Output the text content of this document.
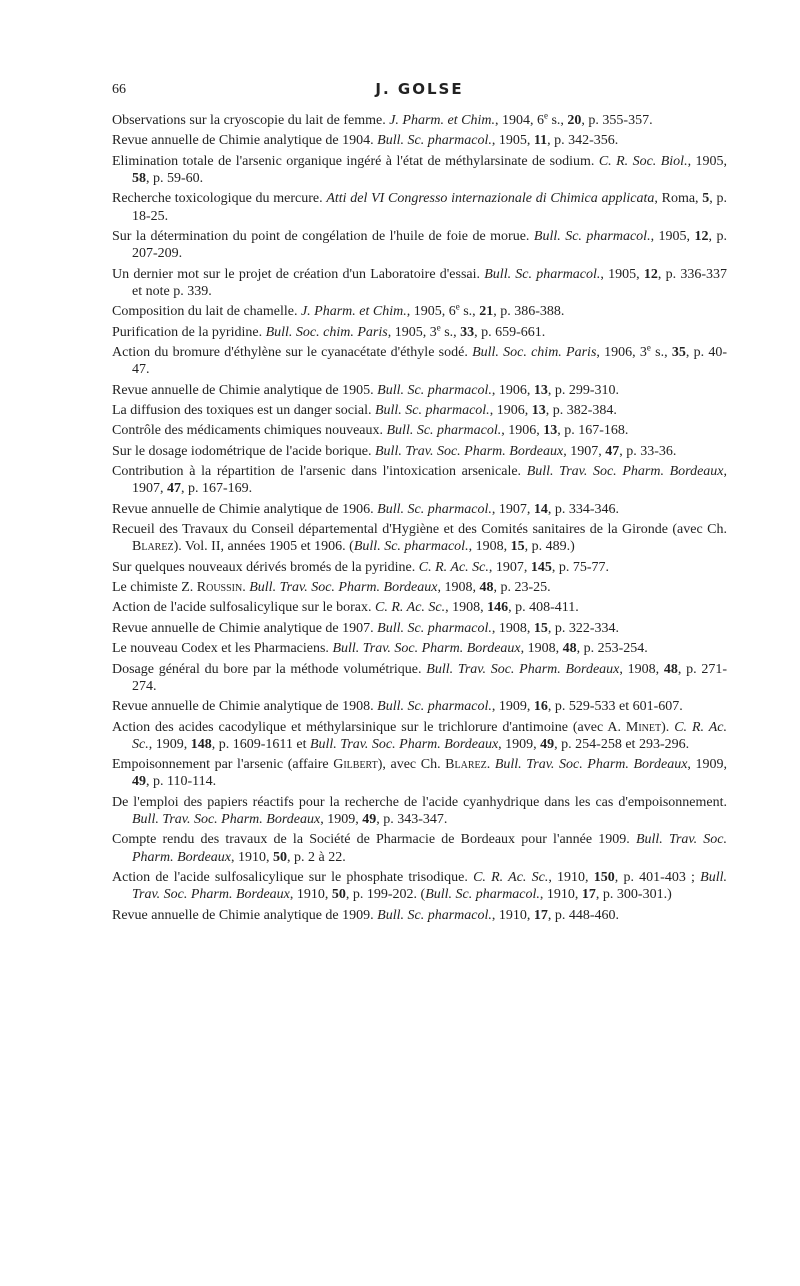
66	J. GOLSE
Observations sur la cryoscopie du lait de femme. J. Pharm. et Chim., 1904, 6e s., 20, p. 355-357.
Revue annuelle de Chimie analytique de 1904. Bull. Sc. pharmacol., 1905, 11, p. 342-356.
Elimination totale de l'arsenic organique ingéré à l'état de méthylarsinate de sodium. C. R. Soc. Biol., 1905, 58, p. 59-60.
Recherche toxicologique du mercure. Atti del VI Congresso internazionale di Chimica applicata, Roma, 5, p. 18-25.
Sur la détermination du point de congélation de l'huile de foie de morue. Bull. Sc. pharmacol., 1905, 12, p. 207-209.
Un dernier mot sur le projet de création d'un Laboratoire d'essai. Bull. Sc. pharmacol., 1905, 12, p. 336-337 et note p. 339.
Composition du lait de chamelle. J. Pharm. et Chim., 1905, 6e s., 21, p. 386-388.
Purification de la pyridine. Bull. Soc. chim. Paris, 1905, 3e s., 33, p. 659-661.
Action du bromure d'éthylène sur le cyanacétate d'éthyle sodé. Bull. Soc. chim. Paris, 1906, 3e s., 35, p. 40-47.
Revue annuelle de Chimie analytique de 1905. Bull. Sc. pharmacol., 1906, 13, p. 299-310.
La diffusion des toxiques est un danger social. Bull. Sc. pharmacol., 1906, 13, p. 382-384.
Contrôle des médicaments chimiques nouveaux. Bull. Sc. pharmacol., 1906, 13, p. 167-168.
Sur le dosage iodométrique de l'acide borique. Bull. Trav. Soc. Pharm. Bordeaux, 1907, 47, p. 33-36.
Contribution à la répartition de l'arsenic dans l'intoxication arsenicale. Bull. Trav. Soc. Pharm. Bordeaux, 1907, 47, p. 167-169.
Revue annuelle de Chimie analytique de 1906. Bull. Sc. pharmacol., 1907, 14, p. 334-346.
Recueil des Travaux du Conseil départemental d'Hygiène et des Comités sanitaires de la Gironde (avec Ch. Blarez). Vol. II, années 1905 et 1906. (Bull. Sc. pharmacol., 1908, 15, p. 489.)
Sur quelques nouveaux dérivés bromés de la pyridine. C. R. Ac. Sc., 1907, 145, p. 75-77.
Le chimiste Z. Roussin. Bull. Trav. Soc. Pharm. Bordeaux, 1908, 48, p. 23-25.
Action de l'acide sulfosalicylique sur le borax. C. R. Ac. Sc., 1908, 146, p. 408-411.
Revue annuelle de Chimie analytique de 1907. Bull. Sc. pharmacol., 1908, 15, p. 322-334.
Le nouveau Codex et les Pharmaciens. Bull. Trav. Soc. Pharm. Bordeaux, 1908, 48, p. 253-254.
Dosage général du bore par la méthode volumétrique. Bull. Trav. Soc. Pharm. Bordeaux, 1908, 48, p. 271-274.
Revue annuelle de Chimie analytique de 1908. Bull. Sc. pharmacol., 1909, 16, p. 529-533 et 601-607.
Action des acides cacodylique et méthylarsinique sur le trichlorure d'antimoine (avec A. Minet). C. R. Ac. Sc., 1909, 148, p. 1609-1611 et Bull. Trav. Soc. Pharm. Bordeaux, 1909, 49, p. 254-258 et 293-296.
Empoisonnement par l'arsenic (affaire Gilbert), avec Ch. Blarez. Bull. Trav. Soc. Pharm. Bordeaux, 1909, 49, p. 110-114.
De l'emploi des papiers réactifs pour la recherche de l'acide cyanhydrique dans les cas d'empoisonnement. Bull. Trav. Soc. Pharm. Bordeaux, 1909, 49, p. 343-347.
Compte rendu des travaux de la Société de Pharmacie de Bordeaux pour l'année 1909. Bull. Trav. Soc. Pharm. Bordeaux, 1910, 50, p. 2 à 22.
Action de l'acide sulfosalicylique sur le phosphate trisodique. C. R. Ac. Sc., 1910, 150, p. 401-403 ; Bull. Trav. Soc. Pharm. Bordeaux, 1910, 50, p. 199-202. (Bull. Sc. pharmacol., 1910, 17, p. 300-301.)
Revue annuelle de Chimie analytique de 1909. Bull. Sc. pharmacol., 1910, 17, p. 448-460.
